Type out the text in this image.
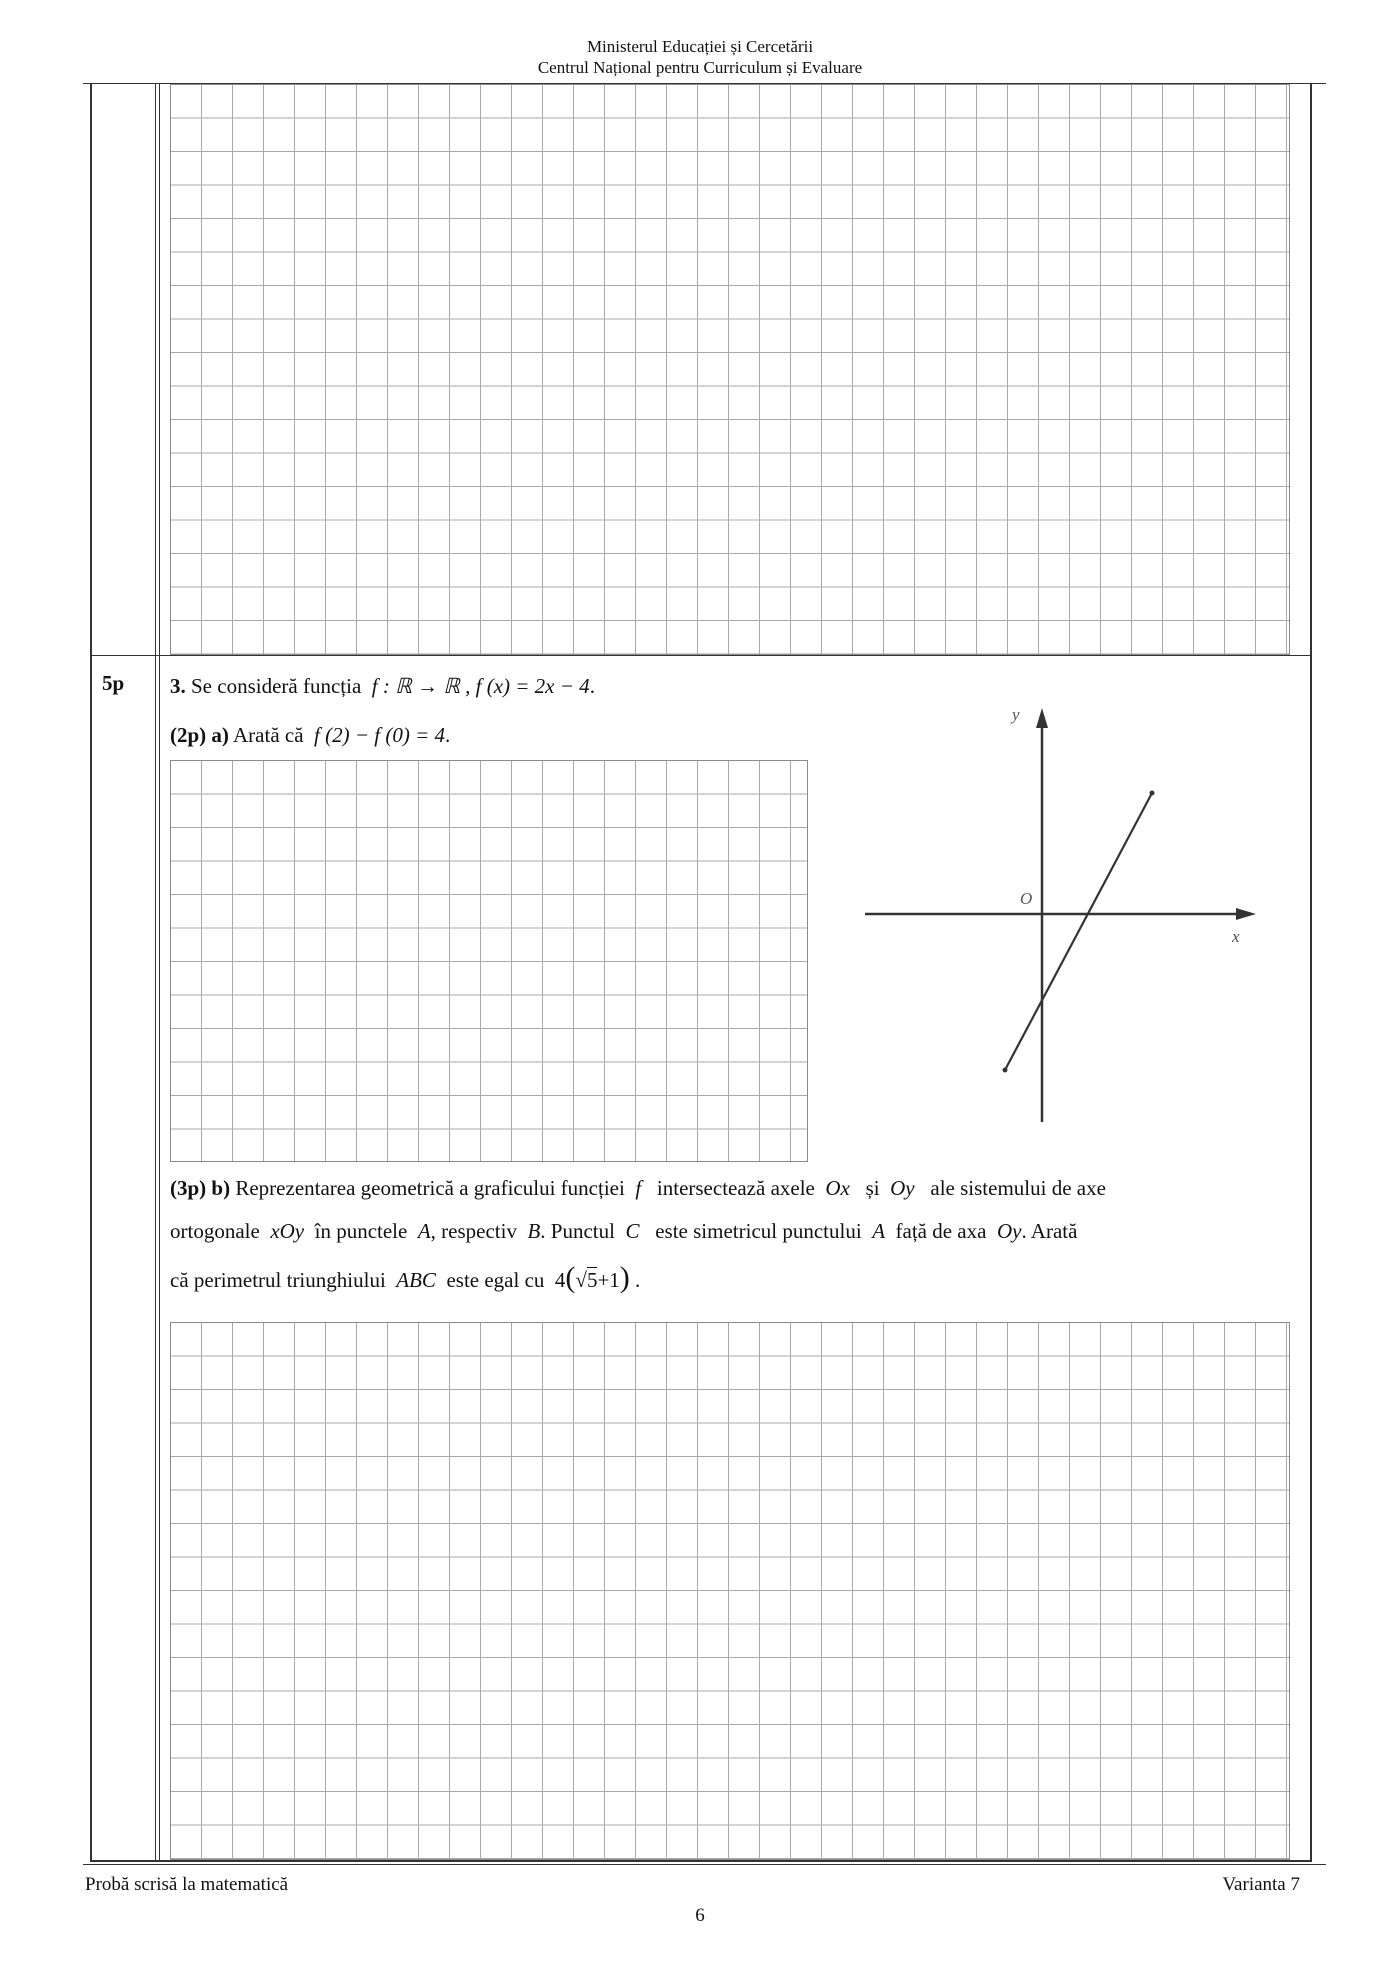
Ministerul Educației și Cercetării
Centrul Național pentru Curriculum și Evaluare
5p 3. Se consideră funcția f : ℝ → ℝ , f (x) = 2x − 4.
(2p) a) Arată că f (2) − f (0) = 4.
y
O
x
(3p) b) Reprezentarea geometrică a graficului funcției f intersectează axele Ox și Oy ale sistemului de axe
ortogonale xOy în punctele A, respectiv B. Punctul C este simetricul punctului A față de axa Oy. Arată
că perimetrul triunghiului ABC este egal cu 4(√5+1) .
Probă scrisă la matematică	Varianta 7
6
